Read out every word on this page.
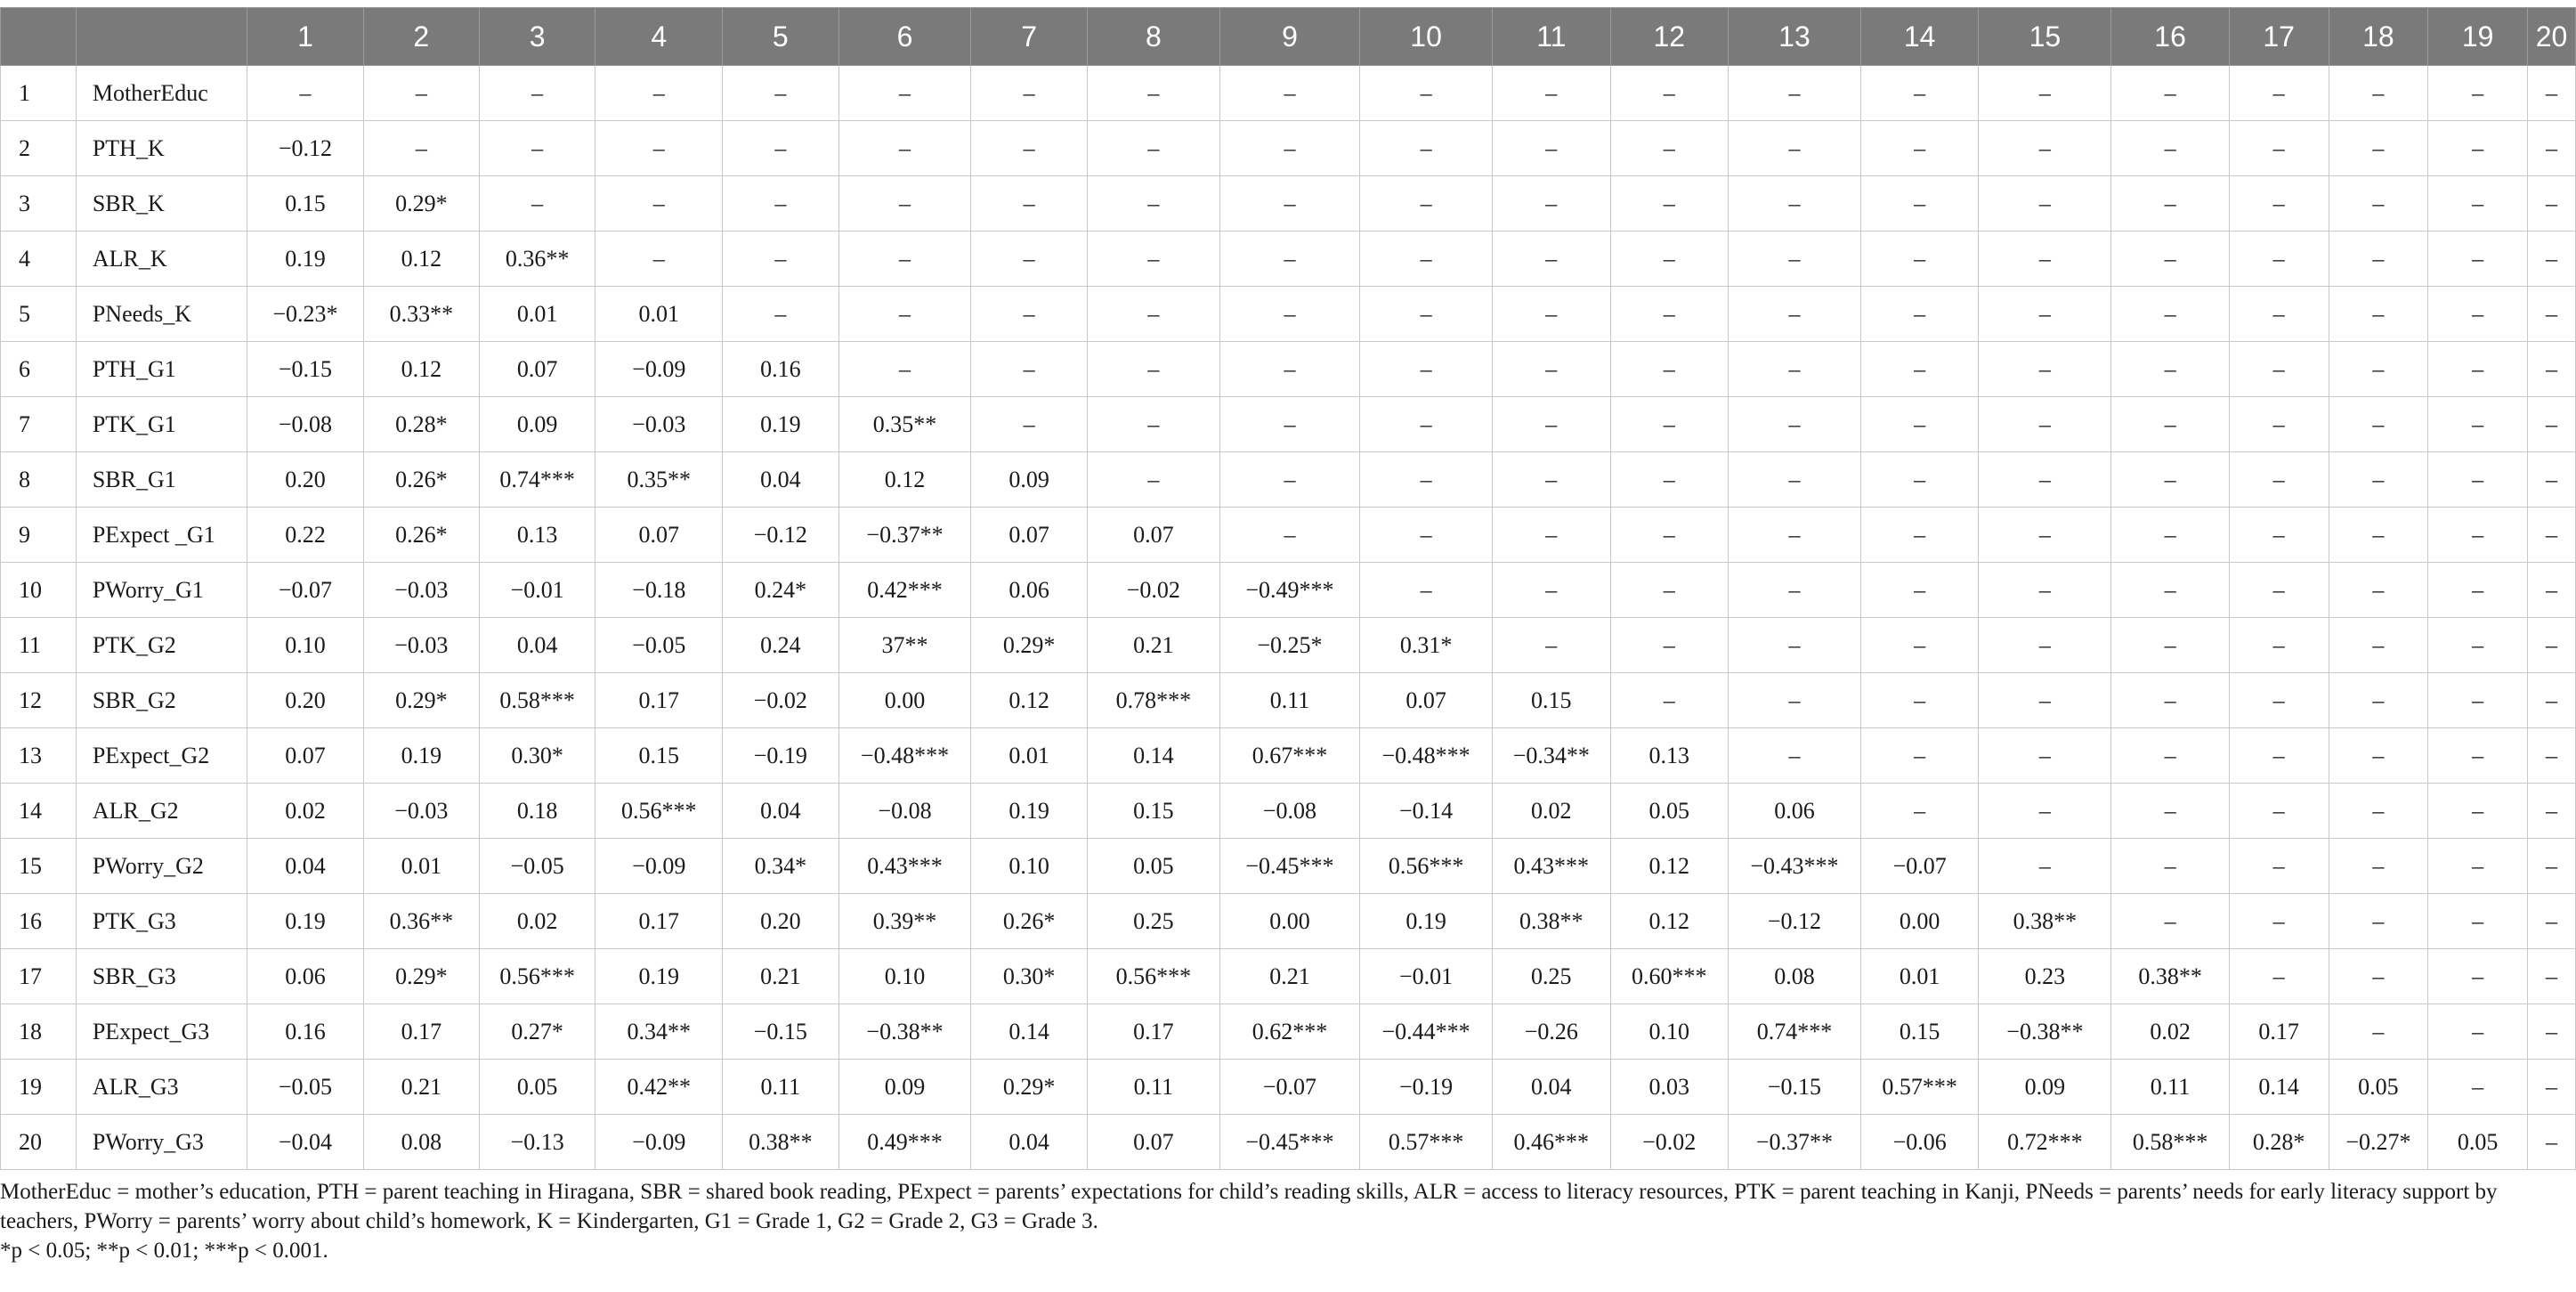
		1	2	3	4	5	6	7	8	9	10	11	12	13	14	15	16	17	18	19	20
1	MotherEduc	–	–	–	–	–	–	–	–	–	–	–	–	–	–	–	–	–	–	–	–
2	PTH_K	−0.12	–	–	–	–	–	–	–	–	–	–	–	–	–	–	–	–	–	–	–
3	SBR_K	0.15	0.29*	–	–	–	–	–	–	–	–	–	–	–	–	–	–	–	–	–	–
4	ALR_K	0.19	0.12	0.36**	–	–	–	–	–	–	–	–	–	–	–	–	–	–	–	–	–
5	PNeeds_K	−0.23*	0.33**	0.01	0.01	–	–	–	–	–	–	–	–	–	–	–	–	–	–	–	–
6	PTH_G1	−0.15	0.12	0.07	−0.09	0.16	–	–	–	–	–	–	–	–	–	–	–	–	–	–	–
7	PTK_G1	−0.08	0.28*	0.09	−0.03	0.19	0.35**	–	–	–	–	–	–	–	–	–	–	–	–	–	–
8	SBR_G1	0.20	0.26*	0.74***	0.35**	0.04	0.12	0.09	–	–	–	–	–	–	–	–	–	–	–	–	–
9	PExpect _G1	0.22	0.26*	0.13	0.07	−0.12	−0.37**	0.07	0.07	–	–	–	–	–	–	–	–	–	–	–	–
10	PWorry_G1	−0.07	−0.03	−0.01	−0.18	0.24*	0.42***	0.06	−0.02	−0.49***	–	–	–	–	–	–	–	–	–	–	–
11	PTK_G2	0.10	−0.03	0.04	−0.05	0.24	37**	0.29*	0.21	−0.25*	0.31*	–	–	–	–	–	–	–	–	–	–
12	SBR_G2	0.20	0.29*	0.58***	0.17	−0.02	0.00	0.12	0.78***	0.11	0.07	0.15	–	–	–	–	–	–	–	–	–
13	PExpect_G2	0.07	0.19	0.30*	0.15	−0.19	−0.48***	0.01	0.14	0.67***	−0.48***	−0.34**	0.13	–	–	–	–	–	–	–	–
14	ALR_G2	0.02	−0.03	0.18	0.56***	0.04	−0.08	0.19	0.15	−0.08	−0.14	0.02	0.05	0.06	–	–	–	–	–	–	–
15	PWorry_G2	0.04	0.01	−0.05	−0.09	0.34*	0.43***	0.10	0.05	−0.45***	0.56***	0.43***	0.12	−0.43***	−0.07	–	–	–	–	–	–
16	PTK_G3	0.19	0.36**	0.02	0.17	0.20	0.39**	0.26*	0.25	0.00	0.19	0.38**	0.12	−0.12	0.00	0.38**	–	–	–	–	–
17	SBR_G3	0.06	0.29*	0.56***	0.19	0.21	0.10	0.30*	0.56***	0.21	−0.01	0.25	0.60***	0.08	0.01	0.23	0.38**	–	–	–	–
18	PExpect_G3	0.16	0.17	0.27*	0.34**	−0.15	−0.38**	0.14	0.17	0.62***	−0.44***	−0.26	0.10	0.74***	0.15	−0.38**	0.02	0.17	–	–	–
19	ALR_G3	−0.05	0.21	0.05	0.42**	0.11	0.09	0.29*	0.11	−0.07	−0.19	0.04	0.03	−0.15	0.57***	0.09	0.11	0.14	0.05	–	–
20	PWorry_G3	−0.04	0.08	−0.13	−0.09	0.38**	0.49***	0.04	0.07	−0.45***	0.57***	0.46***	−0.02	−0.37**	−0.06	0.72***	0.58***	0.28*	−0.27*	0.05	–

MotherEduc = mother’s education, PTH = parent teaching in Hiragana, SBR = shared book reading, PExpect = parents’ expectations for child’s reading skills, ALR = access to literacy resources, PTK = parent teaching in Kanji, PNeeds = parents’ needs for early literacy support by teachers, PWorry = parents’ worry about child’s homework, K = Kindergarten, G1 = Grade 1, G2 = Grade 2, G3 = Grade 3.

*p < 0.05; **p < 0.01; ***p < 0.001.
